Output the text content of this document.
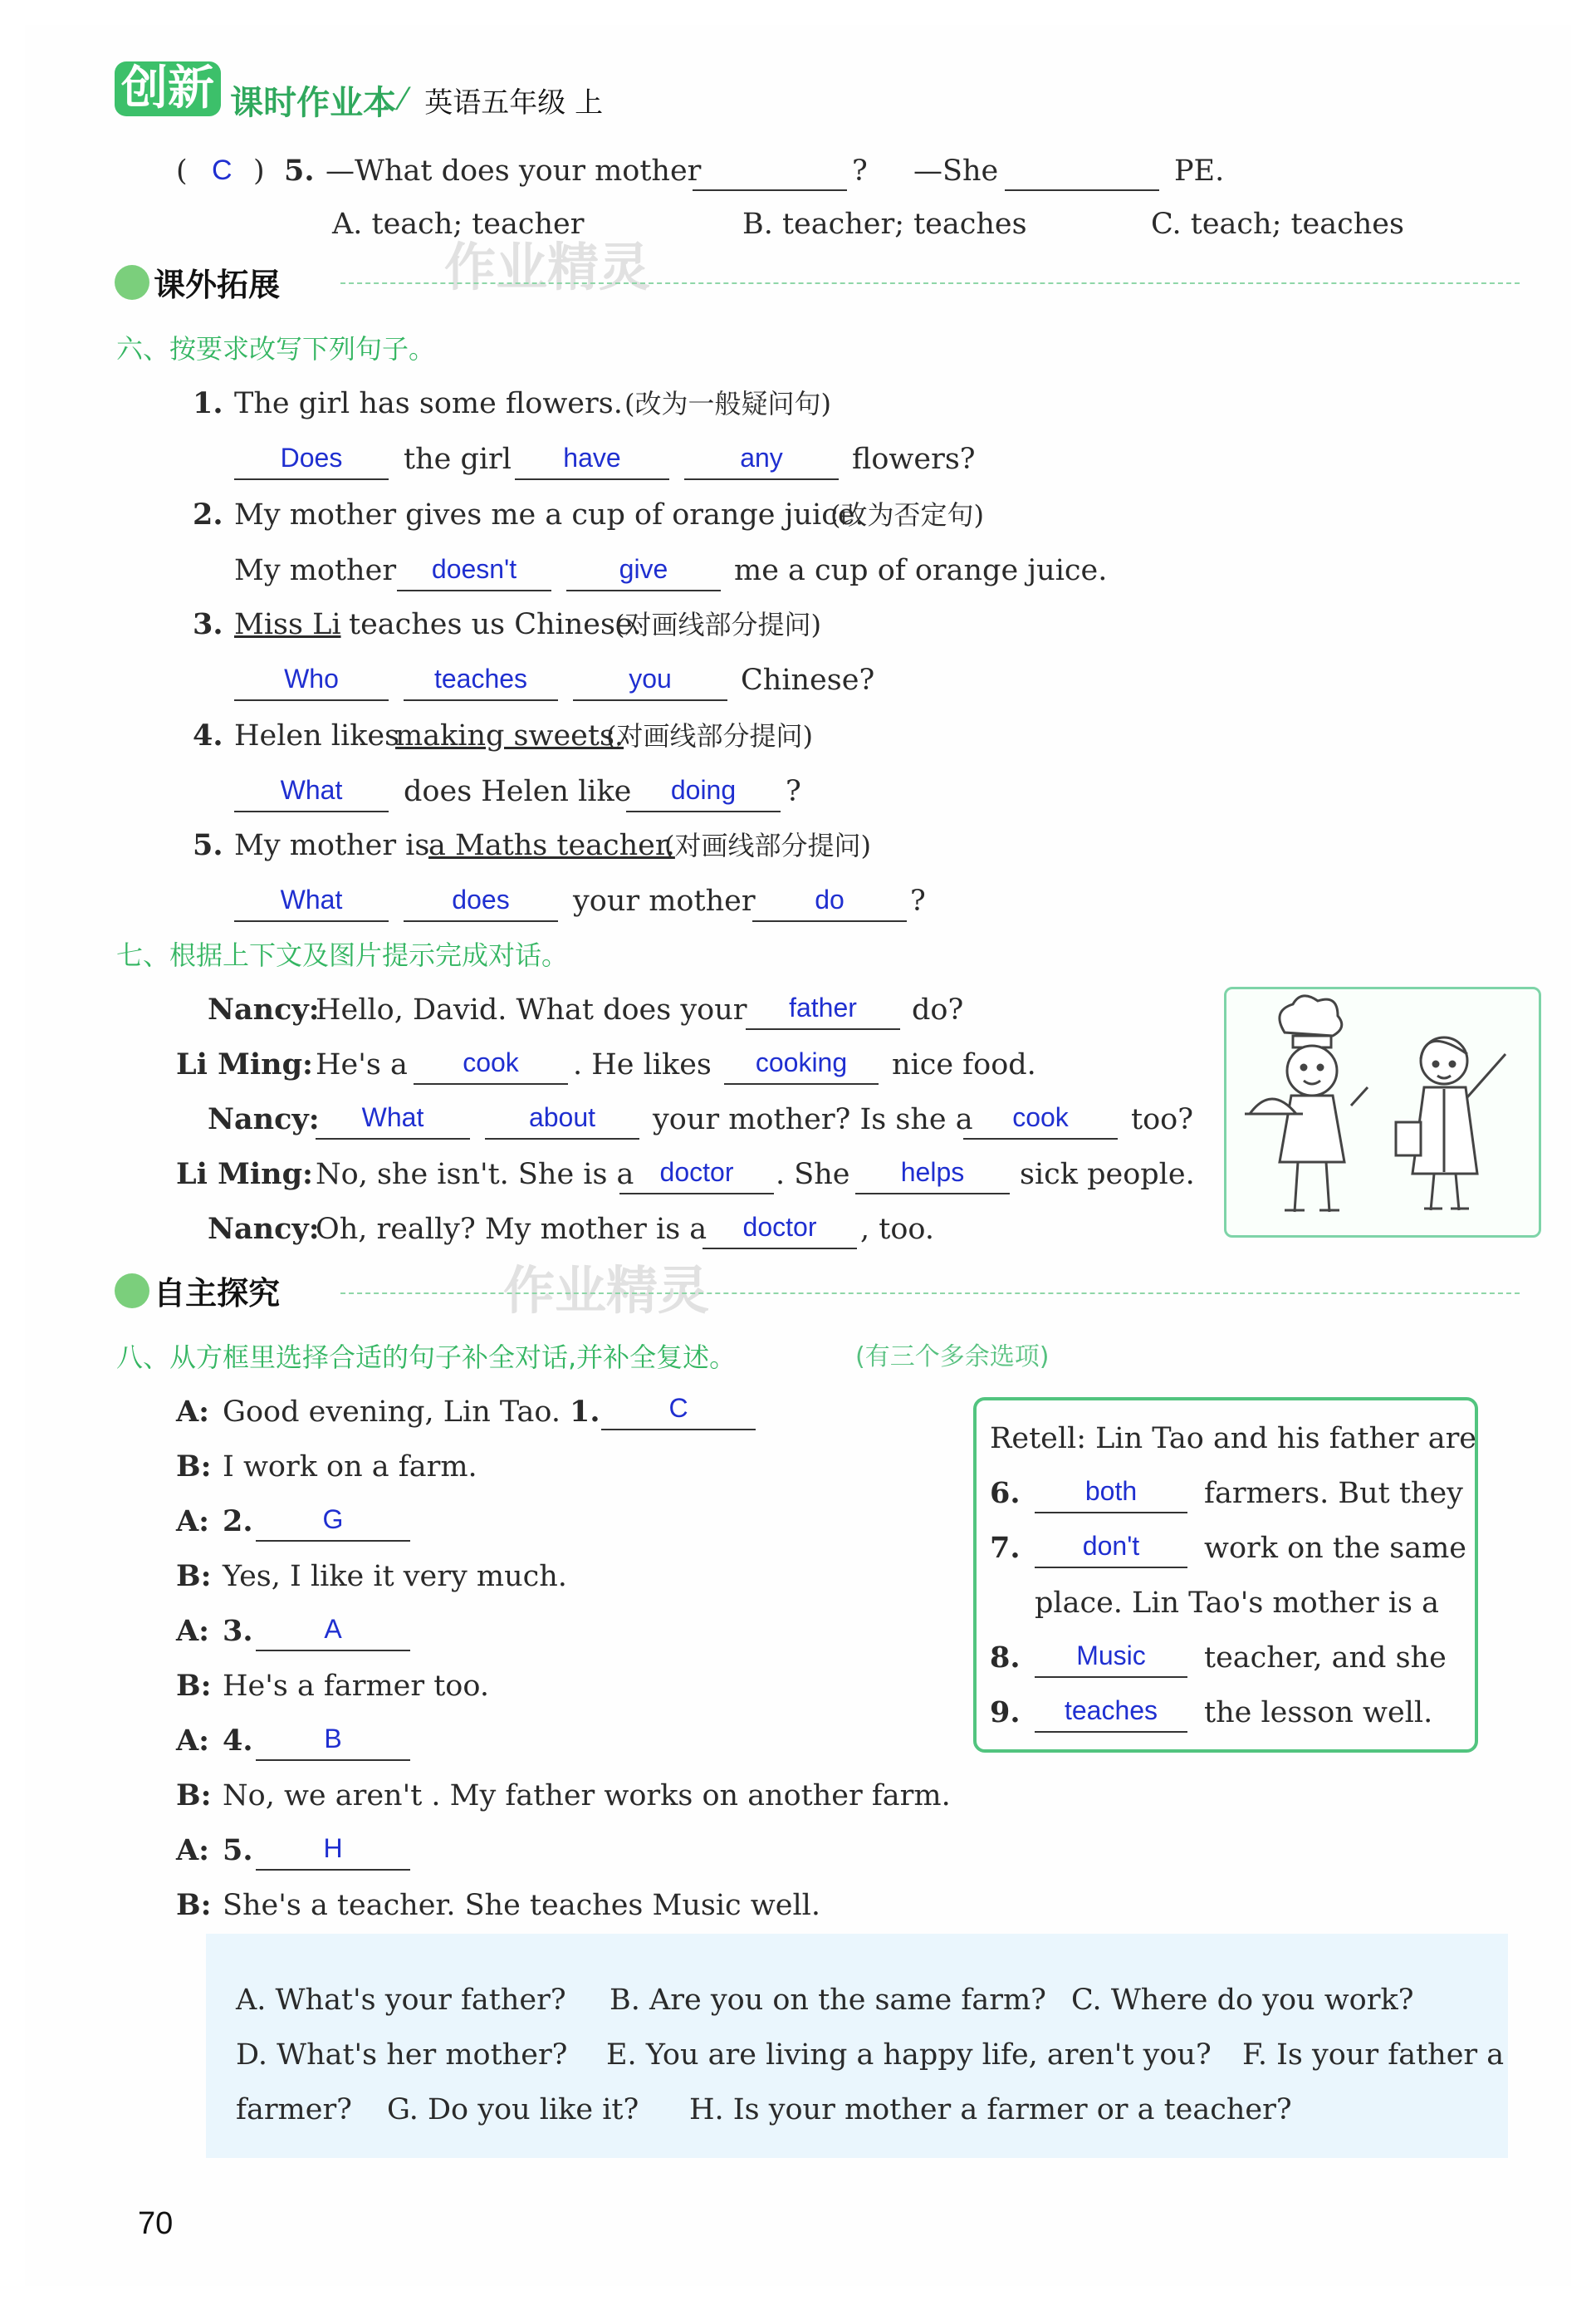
创新 课时作业本 ⁄ 英语五年级 上
( C ) 5. —What does your mother	? —She	PE.
A. teach; teacher	B. teacher; teaches	C. teach; teaches
作业精灵
课外拓展
六、按要求改写下列句子。
1. The girl has some flowers. (改为一般疑问句)
Does	the girl	have	any	flowers?
2. My mother gives me a cup of orange juice.
(改为否定句)
My mother	doesn't	give	me a cup of orange juice.
3. Miss Li teaches us Chinese.
(对画线部分提问)
Who	teaches	you	Chinese?
4. Helen likes
making sweets.
(对画线部分提问)
What	does Helen like	doing	?
5. My mother is
a Maths teacher.
(对画线部分提问)
What	does	your mother	do	?
七、根据上下文及图片提示完成对话。
Nancy:
Hello, David. What does your	father	do?
Li Ming: He's a	cook	. He likes	cooking	nice food.
Nancy:	What	about	your mother? Is she a	cook	too?
Li Ming: No, she isn't. She is a doctor	. She	helps	sick people.
Nancy:
Oh, really? My mother is a	doctor	, too.
作业精灵
自主探究
八、从方框里选择合适的句子补全对话,并补全复述。	(有三个多余选项)
A: Good evening, Lin Tao. 1.	C
B: I work on a farm.
A: 2.	G
B: Yes, I like it very much.
A: 3.	A
B: He's a farmer too.
A: 4.	B
B: No, we aren't . My father works on another farm.
A: 5.	H
B: She's a teacher. She teaches Music well.
Retell: Lin Tao and his father are
6.	both	farmers. But they
7.	don't	work on the same
place. Lin Tao's mother is a
8.	Music	teacher, and she
9.	teaches	the lesson well.
A. What's your father? B. Are you on the same farm? C. Where do you work?
D. What's her mother? E. You are living a happy life, aren't you? F. Is your father a
farmer? G. Do you like it? H. Is your mother a farmer or a teacher?
70
